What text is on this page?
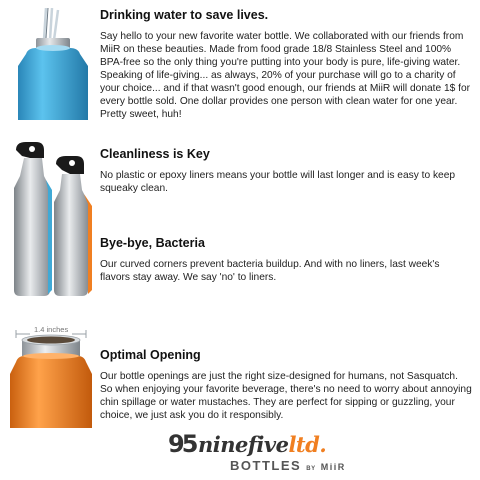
1.4 inches
Drinking water to save lives.

Say hello to your new favorite water bottle. We collaborated with our friends from MiiR on these beauties. Made from food grade 18/8 Stainless Steel and 100% BPA-free so the only thing you're putting into your body is pure, life-giving water. Speaking of life-giving... as always, 20% of your purchase will go to a charity of your choice... and if that wasn't good enough, our friends at MiiR will donate 1$ for every bottle sold. One dollar provides one person with clean water for one year. Pretty sweet, huh!

Cleanliness is Key

No plastic or epoxy liners means your bottle will last longer and is easy to keep squeaky clean.

Bye-bye, Bacteria

Our curved corners prevent bacteria buildup. And with no liners, last week's flavors stay away. We say 'no' to liners.

Optimal Opening

Our bottle openings are just the right size-designed for humans, not Sasquatch. So when enjoying your favorite beverage, there's no need to worry about annoying chin spillage or water mustaches. They are perfect for sipping or guzzling, your choice, we just ask you do it responsibly.

95 ninefiveltd.
BOTTLES BY MiiR
